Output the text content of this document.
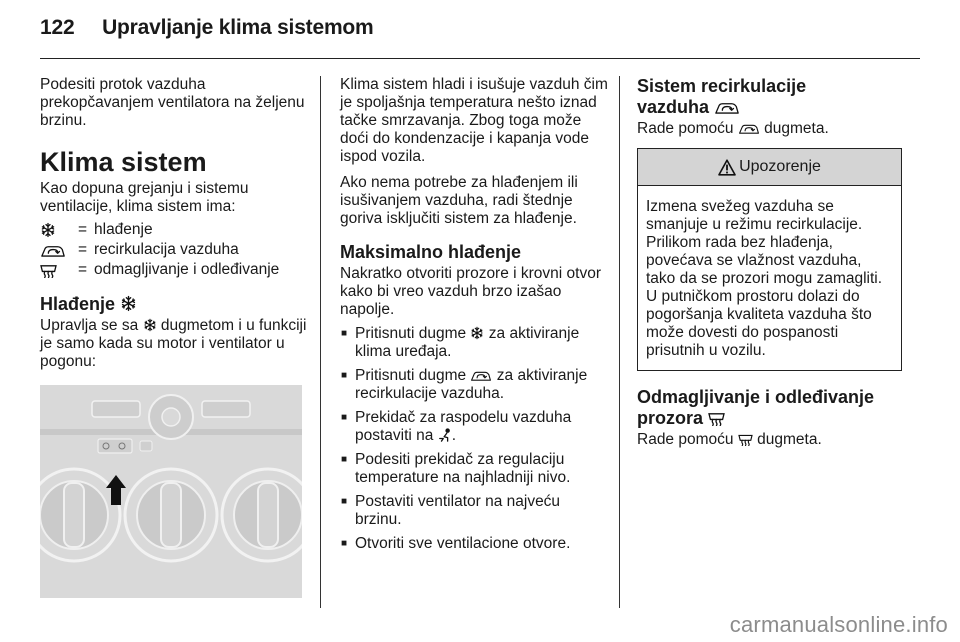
122 Upravljanje klima sistemom

Podesiti protok vazduha prekopčavanjem ventilatora na željenu brzinu.

Klima sistem

Kao dopuna grejanju i sistemu ventilacije, klima sistem ima:

= hlađenje
= recirkulacija vazduha
= odmagljivanje i odleđivanje
Hlađenje

Upravlja se sa dugmetom i u funkciji je samo kada su motor i ventilator u pogonu:

Klima sistem hladi i isušuje vazduh čim je spoljašnja temperatura nešto iznad tačke smrzavanja. Zbog toga može doći do kondenzacije i kapanja vode ispod vozila.

Ako nema potrebe za hlađenjem ili isušivanjem vazduha, radi štednje goriva isključiti sistem za hlađenje.

Maksimalno hlađenje

Nakratko otvoriti prozore i krovni otvor kako bi vreo vazduh brzo izašao napolje.

■ Pritisnuti dugme za aktiviranje klima uređaja.
■ Pritisnuti dugme za aktiviranje recirkulacije vazduha.
■ Prekidač za raspodelu vazduha postaviti na .
■ Podesiti prekidač za regulaciju temperature na najhladniji nivo.
■ Postaviti ventilator na najveću brzinu.
■ Otvoriti sve ventilacione otvore.
Sistem recirkulacije
vazduha

Rade pomoću dugmeta.

Upozorenje
Izmena svežeg vazduha se smanjuje u režimu recirkulacije. Prilikom rada bez hlađenja, povećava se vlažnost vazduha, tako da se prozori mogu zamagliti. U putničkom prostoru dolazi do pogoršanja kvaliteta vazduha što može dovesti do pospanosti prisutnih u vozilu.
Odmagljivanje i odleđivanje
prozora

Rade pomoću dugmeta.

carmanualsonline.info
